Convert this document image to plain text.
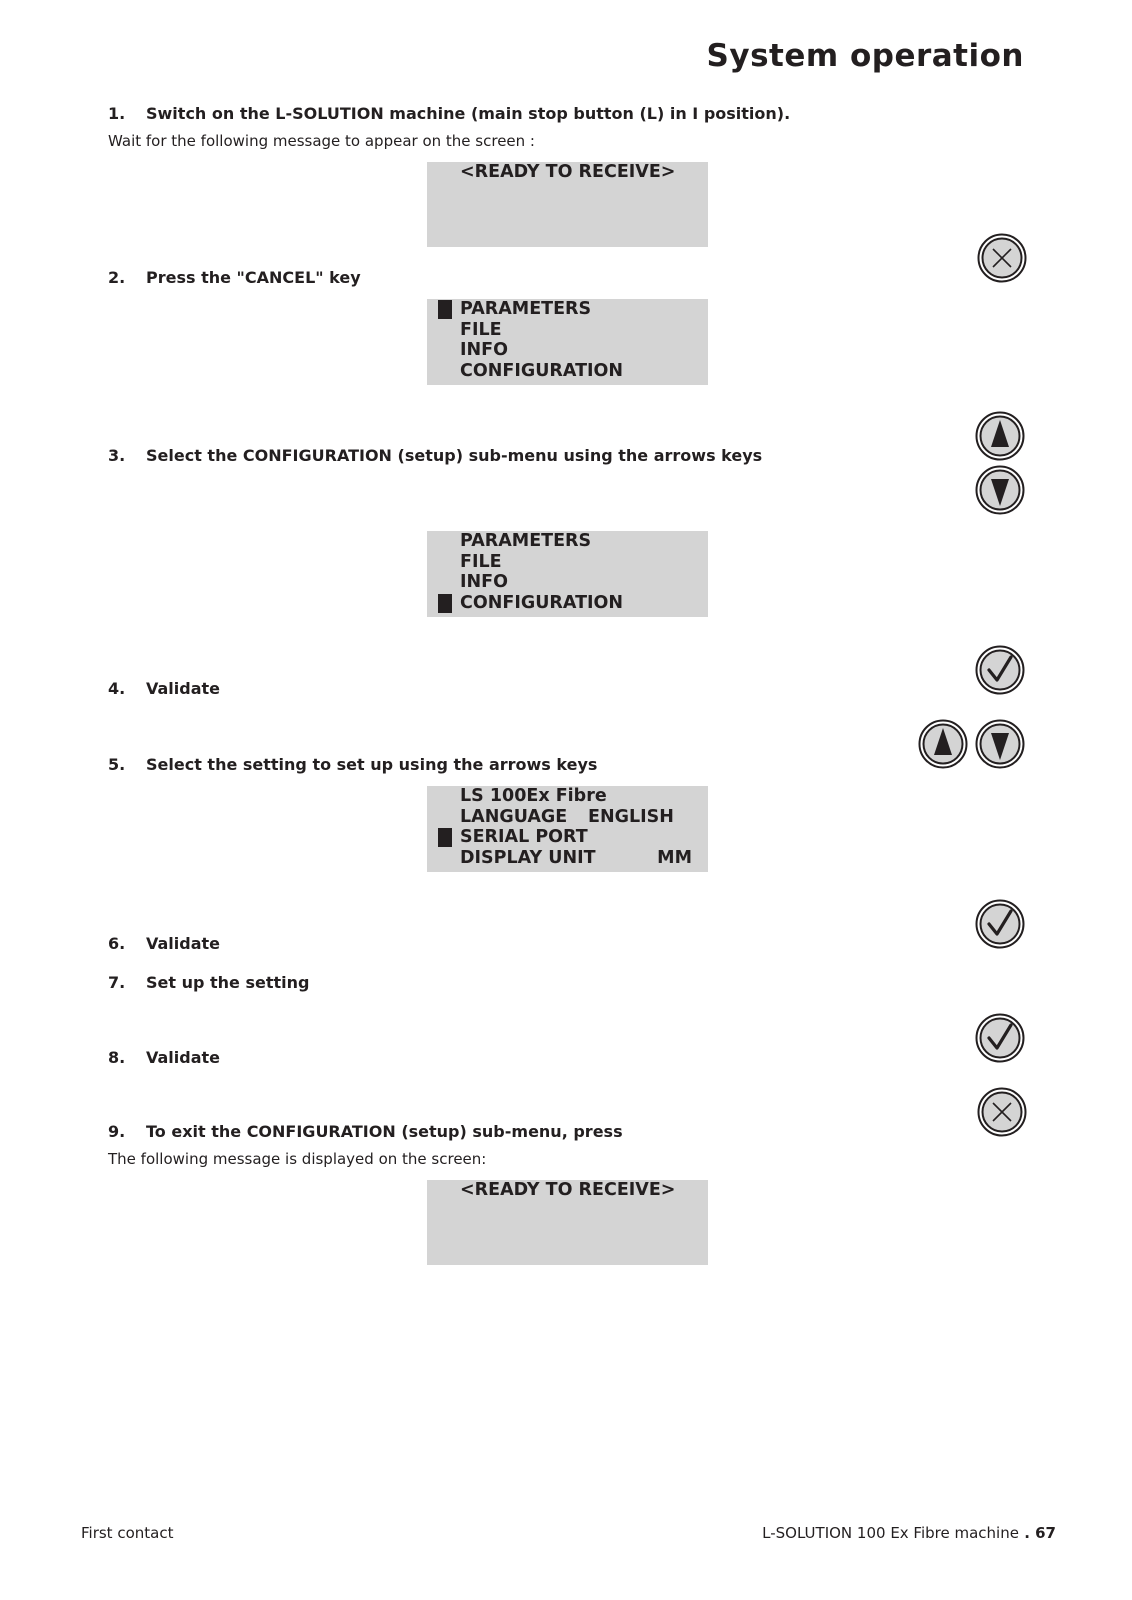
System operation
1. Switch on the L-SOLUTION machine (main stop button (L) in I position).
Wait for the following message to appear on the screen :
<READY TO RECEIVE>
2. Press the "CANCEL" key
PARAMETERS
FILE
INFO
CONFIGURATION
3. Select the CONFIGURATION (setup) sub-menu using the arrows keys
PARAMETERS
FILE
INFO
CONFIGURATION
4. Validate
5. Select the setting to set up using the arrows keys
LS 100Ex Fibre
LANGUAGE ENGLISH
SERIAL PORT
DISPLAY UNIT	MM
6. Validate
7. Set up the setting
8. Validate
9. To exit the CONFIGURATION (setup) sub-menu, press
The following message is displayed on the screen:
<READY TO RECEIVE>
First contact	L-SOLUTION 100 Ex Fibre machine . 67
